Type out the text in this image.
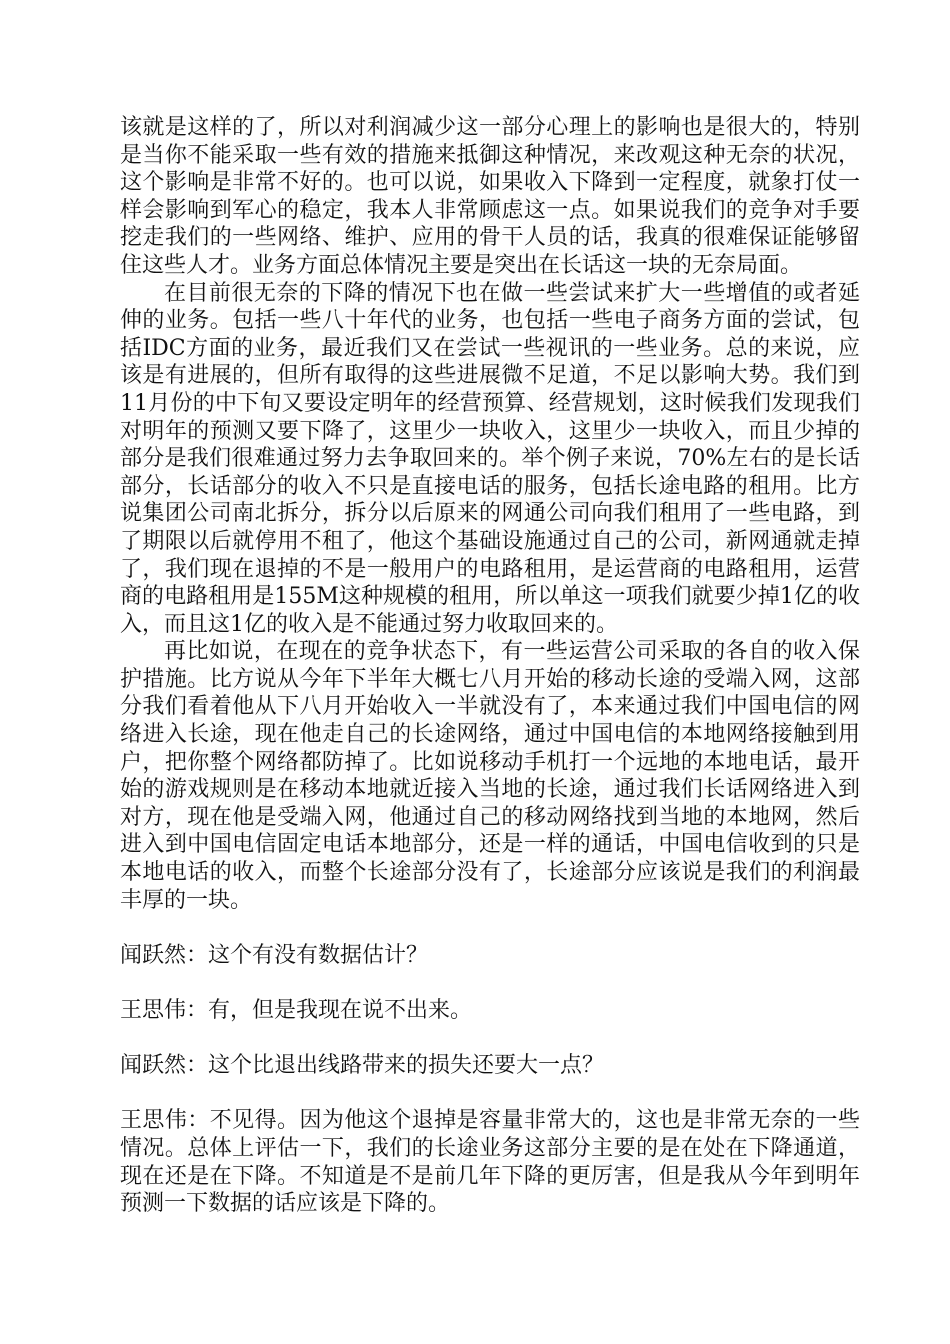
该就是这样的了，所以对利润减少这一部分心理上的影响也是很大的，特别是当你不能采取一些有效的措施来抵御这种情况，来改观这种无奈的状况，这个影响是非常不好的。也可以说，如果收入下降到一定程度，就象打仗一样会影响到军心的稳定，我本人非常顾虑这一点。如果说我们的竞争对手要挖走我们的一些网络、维护、应用的骨干人员的话，我真的很难保证能够留住这些人才。业务方面总体情况主要是突出在长话这一块的无奈局面。

在目前很无奈的下降的情况下也在做一些尝试来扩大一些增值的或者延伸的业务。包括一些八十年代的业务，也包括一些电子商务方面的尝试，包括IDC方面的业务，最近我们又在尝试一些视讯的一些业务。总的来说，应该是有进展的，但所有取得的这些进展微不足道，不足以影响大势。我们到11月份的中下旬又要设定明年的经营预算、经营规划，这时候我们发现我们对明年的预测又要下降了，这里少一块收入，这里少一块收入，而且少掉的部分是我们很难通过努力去争取回来的。举个例子来说，70%左右的是长话部分，长话部分的收入不只是直接电话的服务，包括长途电路的租用。比方说集团公司南北拆分，拆分以后原来的网通公司向我们租用了一些电路，到了期限以后就停用不租了，他这个基础设施通过自己的公司，新网通就走掉了，我们现在退掉的不是一般用户的电路租用，是运营商的电路租用，运营商的电路租用是155M这种规模的租用，所以单这一项我们就要少掉1亿的收入，而且这1亿的收入是不能通过努力收取回来的。

再比如说，在现在的竞争状态下，有一些运营公司采取的各自的收入保护措施。比方说从今年下半年大概七八月开始的移动长途的受端入网，这部分我们看着他从下八月开始收入一半就没有了，本来通过我们中国电信的网络进入长途，现在他走自己的长途网络，通过中国电信的本地网络接触到用户，把你整个网络都防掉了。比如说移动手机打一个远地的本地电话，最开始的游戏规则是在移动本地就近接入当地的长途，通过我们长话网络进入到对方，现在他是受端入网，他通过自己的移动网络找到当地的本地网，然后进入到中国电信固定电话本地部分，还是一样的通话，中国电信收到的只是本地电话的收入，而整个长途部分没有了，长途部分应该说是我们的利润最丰厚的一块。

闻跃然：这个有没有数据估计？

王思伟：有，但是我现在说不出来。

闻跃然：这个比退出线路带来的损失还要大一点？

王思伟：不见得。因为他这个退掉是容量非常大的，这也是非常无奈的一些情况。总体上评估一下，我们的长途业务这部分主要的是在处在下降通道，现在还是在下降。不知道是不是前几年下降的更厉害，但是我从今年到明年预测一下数据的话应该是下降的。
